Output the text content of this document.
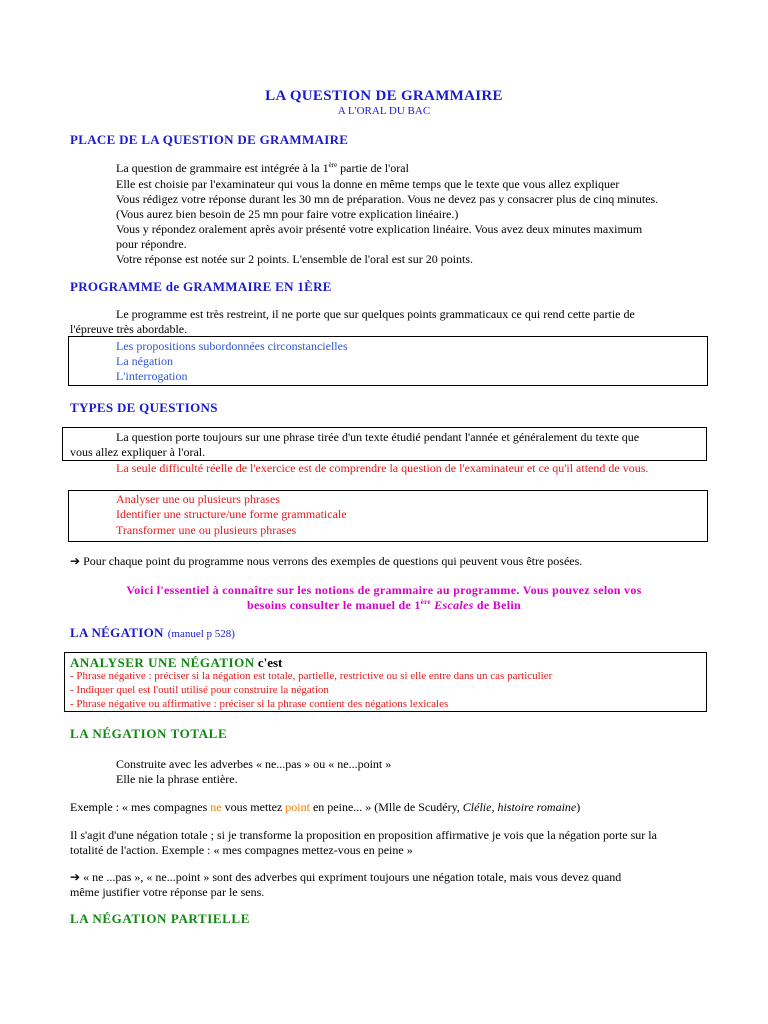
LA QUESTION DE GRAMMAIRE
A L'ORAL DU BAC
PLACE DE LA QUESTION DE GRAMMAIRE
La question de grammaire est intégrée à la 1ère partie de l'oral
Elle est choisie par l'examinateur qui vous la donne en même temps que le texte que vous allez expliquer
Vous rédigez votre réponse durant les 30 mn de préparation. Vous ne devez pas y consacrer plus de cinq minutes.
(Vous aurez bien besoin de 25 mn pour faire votre explication linéaire.)
Vous y répondez oralement après avoir présenté votre explication linéaire. Vous avez deux minutes maximum
pour répondre.
Votre réponse est notée sur 2 points. L'ensemble de l'oral est sur 20 points.
PROGRAMME de GRAMMAIRE EN 1ÈRE
Le programme est très restreint, il ne porte que sur quelques points grammaticaux ce qui rend cette partie de
l'épreuve très abordable.
Les propositions subordonnées circonstancielles
La négation
L'interrogation
TYPES DE QUESTIONS
La question porte toujours sur une phrase tirée d'un texte étudié pendant l'année et généralement du texte que
vous allez expliquer à l'oral.
La seule difficulté réelle de l'exercice est de comprendre la question de l'examinateur et ce qu'il attend de vous.
Analyser une ou plusieurs phrases
Identifier une structure/une forme grammaticale
Transformer une ou plusieurs phrases
➔ Pour chaque point du programme nous verrons des exemples de questions qui peuvent vous être posées.
Voici l'essentiel à connaître sur les notions de grammaire au programme. Vous pouvez selon vos
besoins consulter le manuel de 1ère Escales de Belin
LA NÉGATION (manuel p 528)
ANALYSER UNE NÉGATION c'est
- Phrase négative : préciser si la négation est totale, partielle, restrictive ou si elle entre dans un cas particulier
- Indiquer quel est l'outil utilisé pour construire la négation
- Phrase négative ou affirmative : préciser si la phrase contient des négations lexicales
LA NÉGATION TOTALE
Construite avec les adverbes « ne...pas » ou « ne...point »
Elle nie la phrase entière.
Exemple : « mes compagnes ne vous mettez point en peine... » (Mlle de Scudéry, Clélie, histoire romaine)
Il s'agit d'une négation totale ; si je transforme la proposition en proposition affirmative je vois que la négation porte sur la
totalité de l'action. Exemple : « mes compagnes mettez-vous en peine »
➔ « ne ...pas », « ne...point » sont des adverbes qui expriment toujours une négation totale, mais vous devez quand
même justifier votre réponse par le sens.
LA NÉGATION PARTIELLE
